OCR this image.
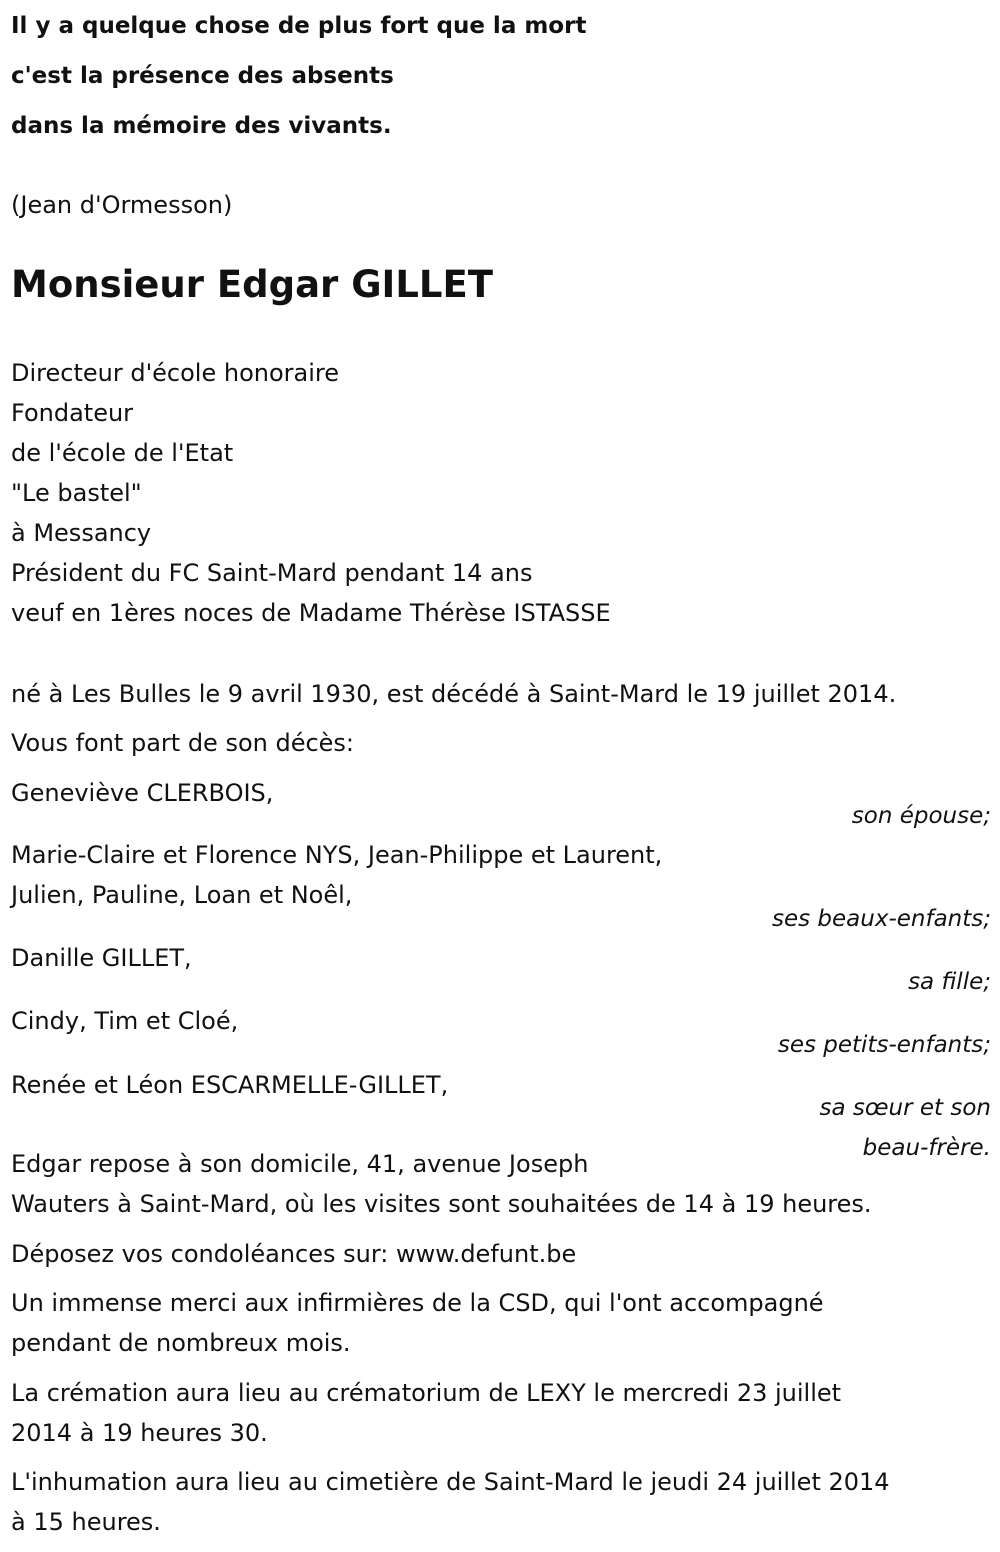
Il y a quelque chose de plus fort que la mort
c'est la présence des absents
dans la mémoire des vivants.
(Jean d'Ormesson)
Monsieur Edgar GILLET
Directeur d'école honoraire
Fondateur
de l'école de l'Etat
"Le bastel"
à Messancy
Président du FC Saint-Mard pendant 14 ans
veuf en 1ères noces de Madame Thérèse ISTASSE
né à Les Bulles le 9 avril 1930, est décédé à Saint-Mard le 19 juillet 2014.
Vous font part de son décès:
Geneviève CLERBOIS,
son épouse;
Marie-Claire et Florence NYS, Jean-Philippe et Laurent,
Julien, Pauline, Loan et Noêl,
ses beaux-enfants;
Danille GILLET,
sa fille;
Cindy, Tim et Cloé,
ses petits-enfants;
Renée et Léon ESCARMELLE-GILLET,
sa sœur et son
beau-frère.
Edgar repose à son domicile, 41, avenue Joseph
Wauters à Saint-Mard, où les visites sont souhaitées de 14 à 19 heures.
Déposez vos condoléances sur: www.defunt.be
Un immense merci aux infirmières de la CSD, qui l'ont accompagné
pendant de nombreux mois.
La crémation aura lieu au crématorium de LEXY le mercredi 23 juillet
2014 à 19 heures 30.
L'inhumation aura lieu au cimetière de Saint-Mard le jeudi 24 juillet 2014
à 15 heures.
